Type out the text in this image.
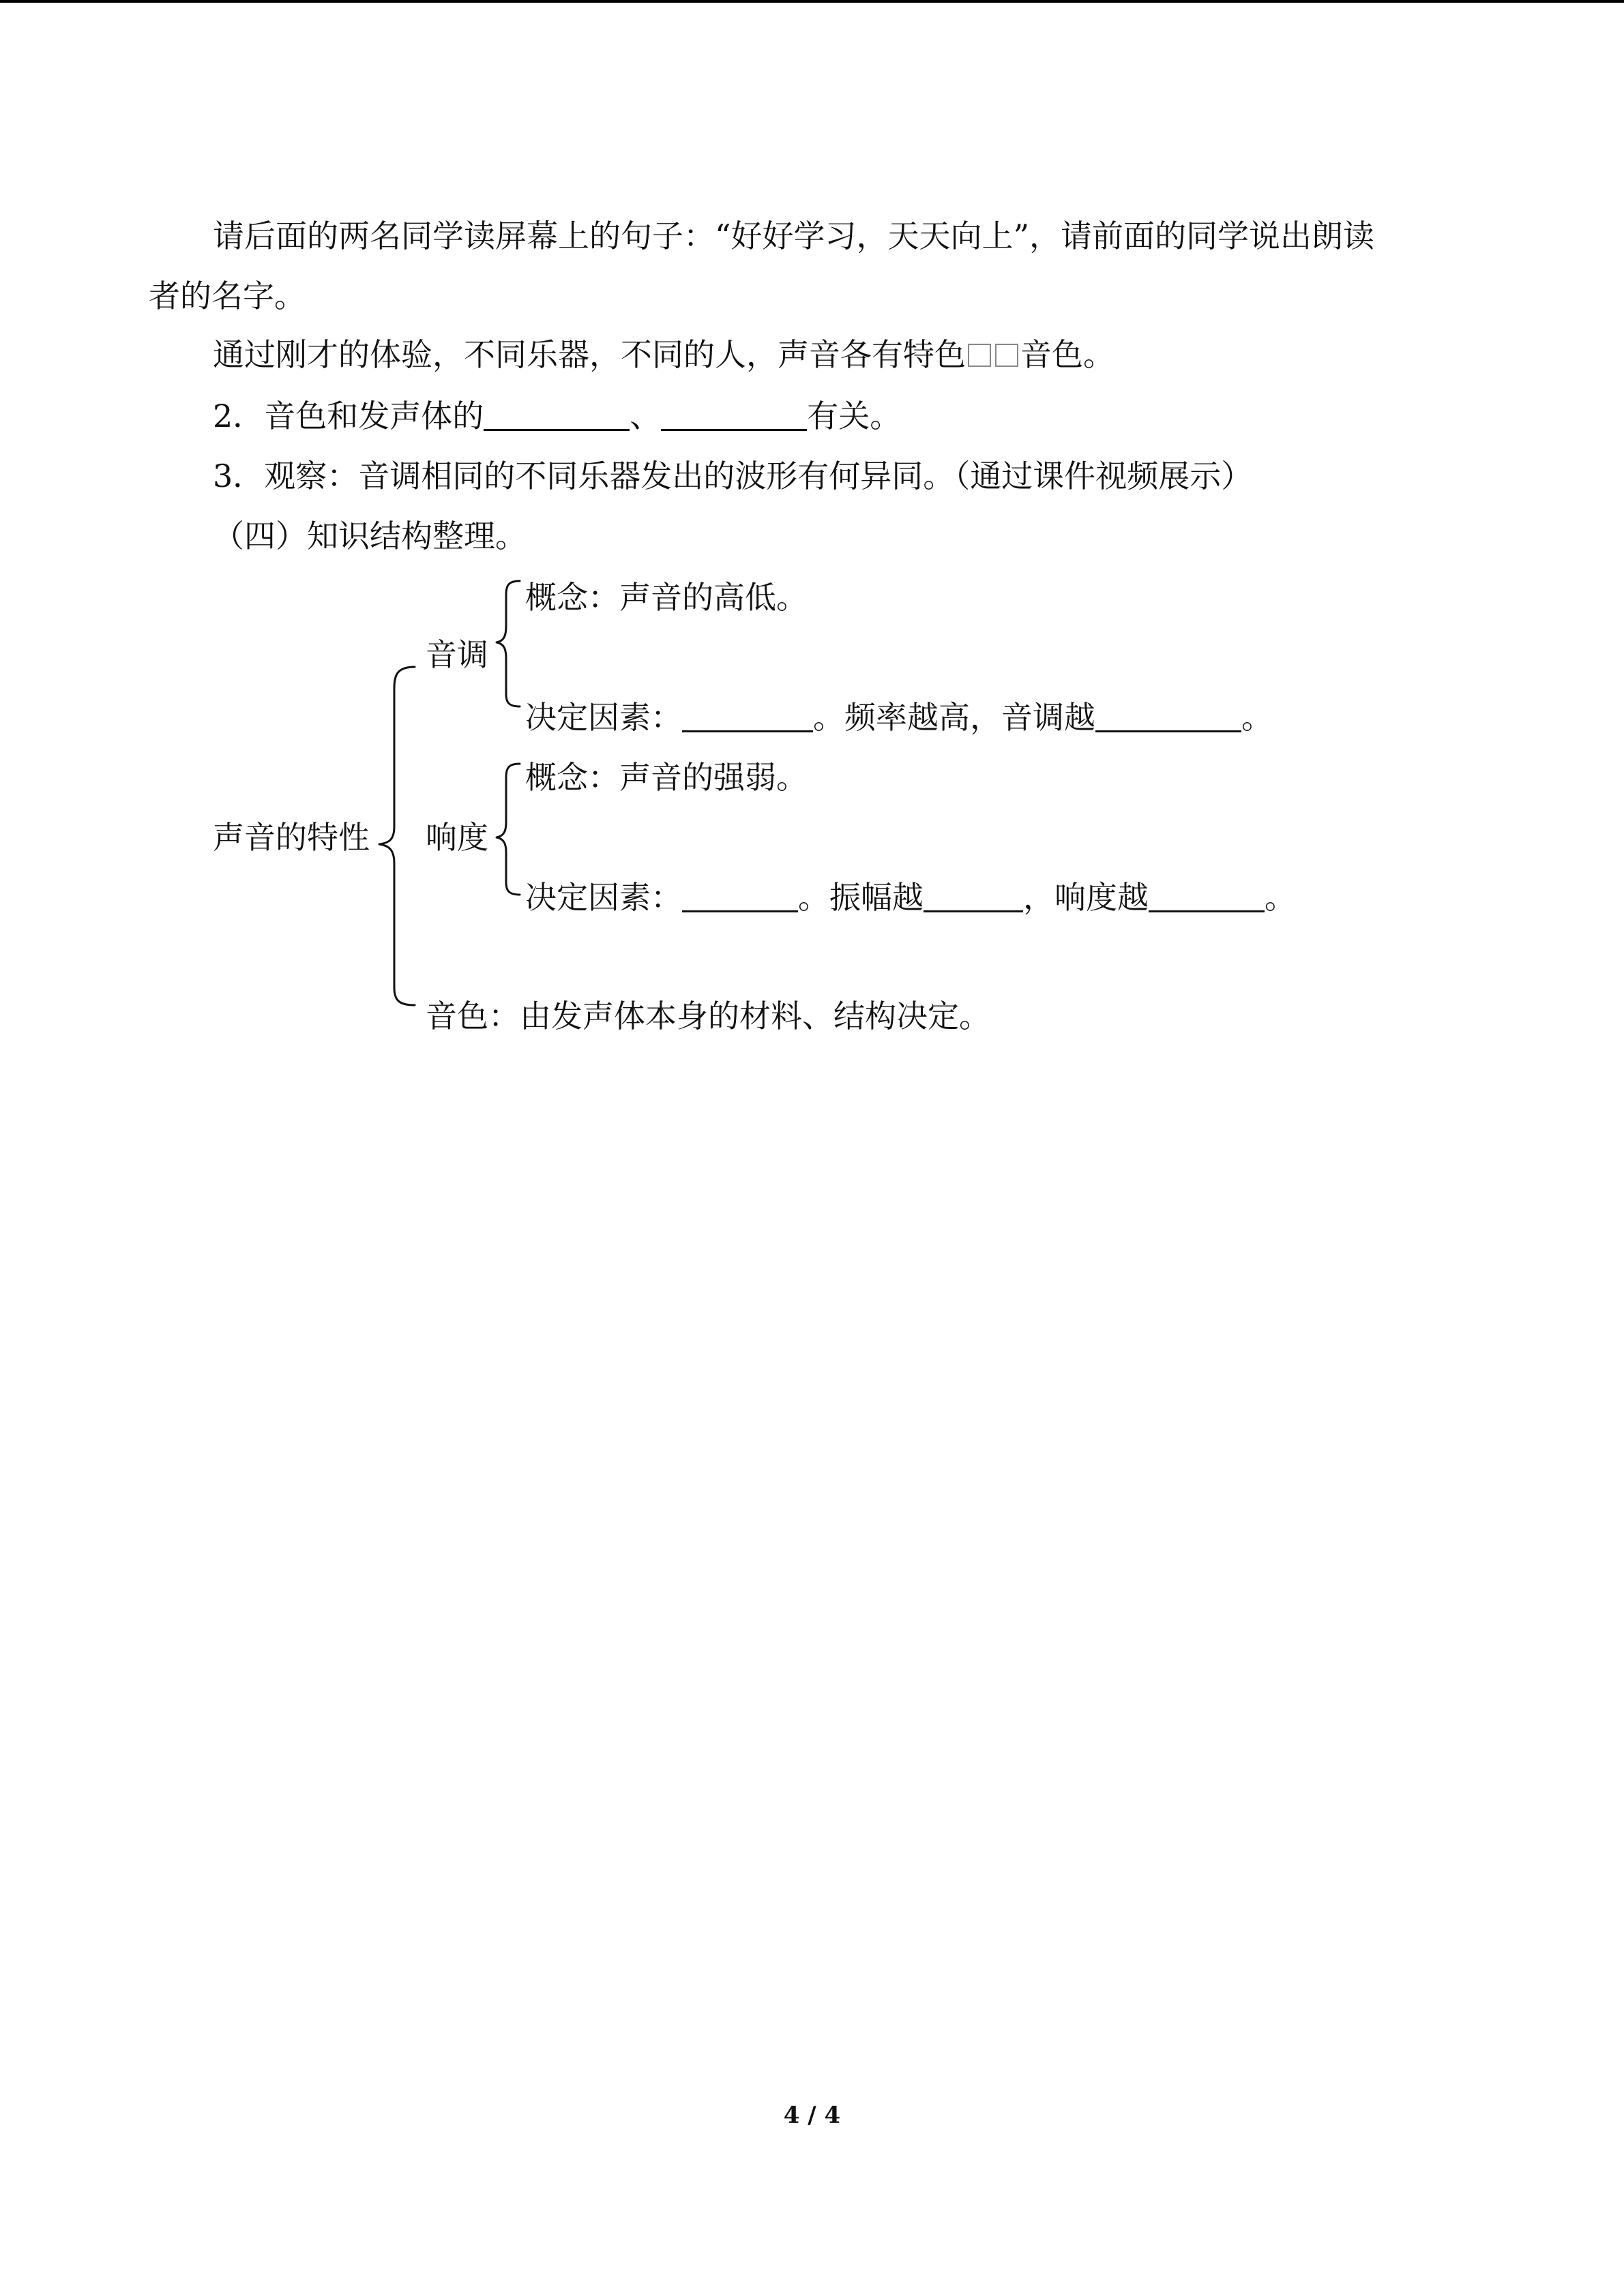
请后面的两名同学读屏幕上的句子：“好好学习，天天向上”，请前面的同学说出朗读
者的名字。
通过刚才的体验，不同乐器，不同的人，声音各有特色 音色。
2．音色和发声体的	、	有关。
3．观察：音调相同的不同乐器发出的波形有何异同。（通过课件视频展示）
（四）知识结构整理。
声音的特性
音调
概念：声音的高低。
决定因素：	。频率越高，音调越	。
响度
概念：声音的强弱。
决定因素：	。振幅越	，响度越	。
音色：由发声体本身的材料、结构决定。
4 / 4
